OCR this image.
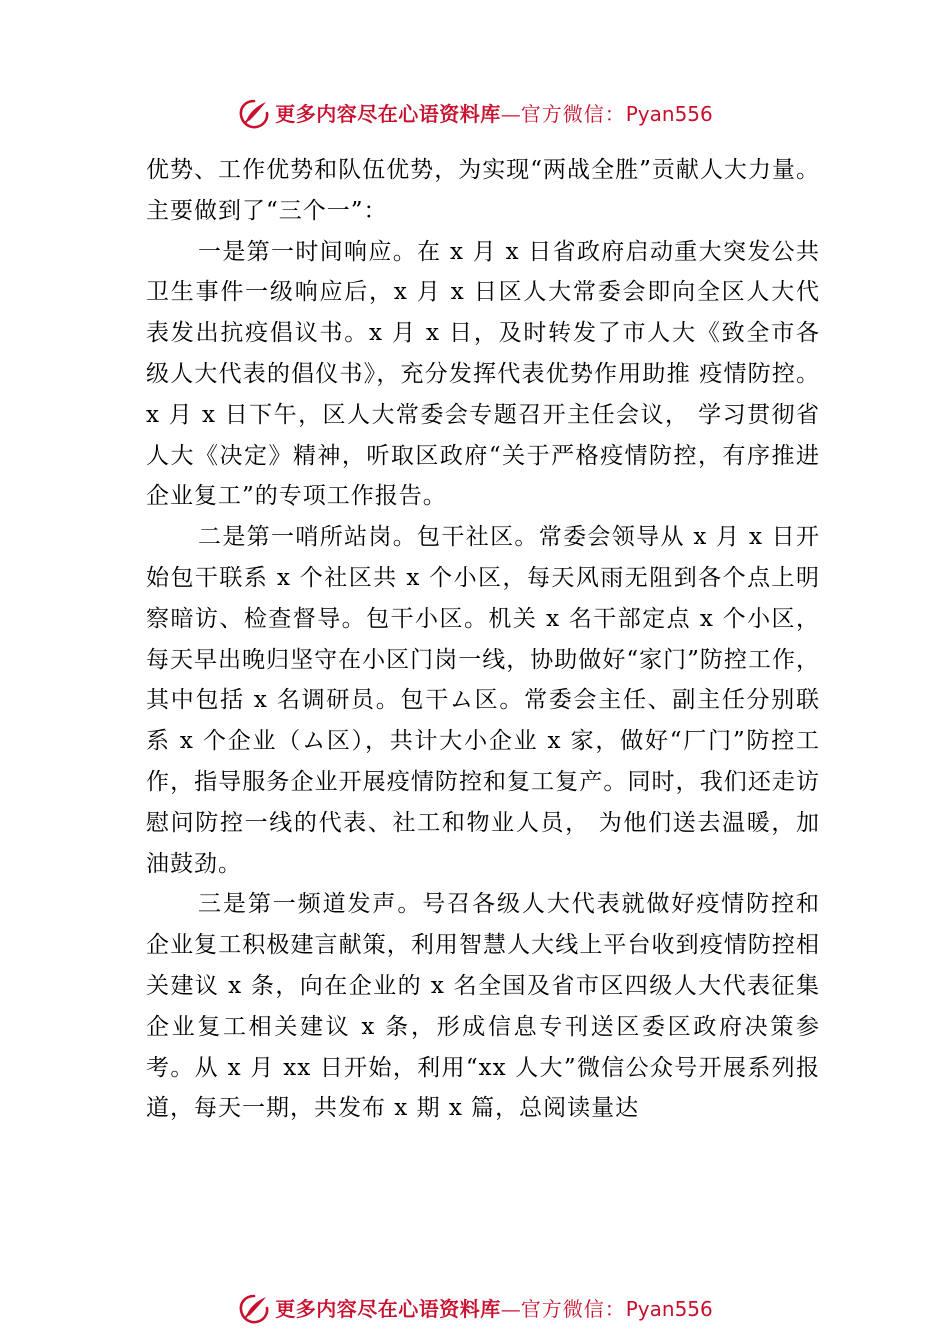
更多内容尽在心语资料库—官方微信：Pyan556

优势、工作优势和队伍优势，为实现“两战全胜”贡献人大力量。主要做到了“三个一”：

一是第一时间响应。在 x 月 x 日省政府启动重大突发公共卫生事件一级响应后，x 月 x 日区人大常委会即向全区人大代表发出抗疫倡议书。x 月 x 日，及时转发了市人大《致全市各级人大代表的倡仪书》，充分发挥代表优势作用助推 疫情防控。x 月 x 日下午，区人大常委会专题召开主任会议， 学习贯彻省人大《决定》精神，听取区政府“关于严格疫情防控，有序推进企业复工”的专项工作报告。

二是第一哨所站岗。包干社区。常委会领导从 x 月 x 日开始包干联系 x 个社区共 x 个小区，每天风雨无阻到各个点上明察暗访、检查督导。包干小区。机关 x 名干部定点 x 个小区，每天早出晚归坚守在小区门岗一线，协助做好“家门”防控工作，其中包括 x 名调研员。包干ム区。常委会主任、副主任分别联系 x 个企业（ム区），共计大小企业 x 家，做好“厂门”防控工作，指导服务企业开展疫情防控和复工复产。同时，我们还走访慰问防控一线的代表、社工和物业人员， 为他们送去温暖，加油鼓劲。

三是第一频道发声。号召各级人大代表就做好疫情防控和企业复工积极建言献策，利用智慧人大线上平台收到疫情防控相关建议 x 条，向在企业的 x 名全国及省市区四级人大代表征集企业复工相关建议 x 条，形成信息专刊送区委区政府决策参考。从 x 月 xx 日开始，利用“xx 人大”微信公众号开展系列报道，每天一期，共发布 x 期 x 篇，总阅读量达

更多内容尽在心语资料库—官方微信：Pyan556
